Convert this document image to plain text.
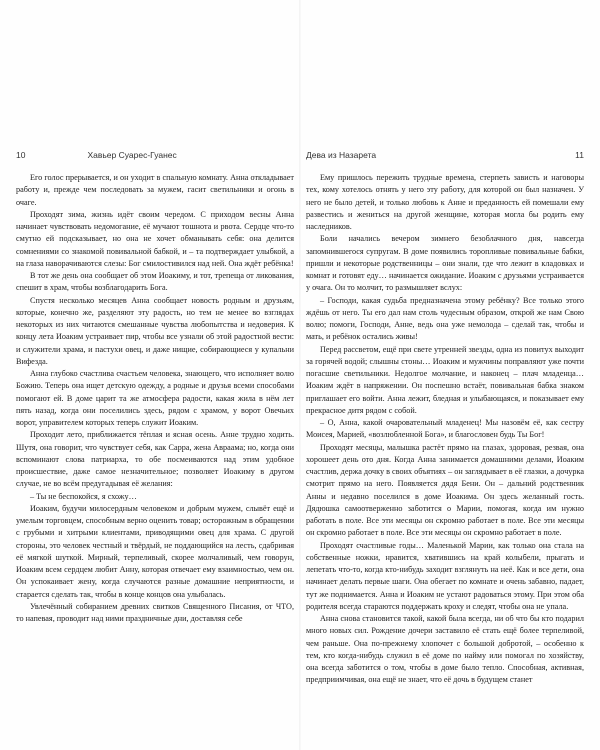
10	Хавьер Суарес-Гуанес

Его голос прерывается, и он уходит в спальную комнату. Анна откладывает работу и, прежде чем последовать за мужем, гасит светильники и огонь в очаге.

Проходят зима, жизнь идёт своим чередом. С приходом весны Анна начинает чувствовать недомогание, её мучают тошнота и рвота. Сердце что-то смутно ей подсказывает, но она не хочет обманывать себя: она делится сомнениями со знакомой повивальной бабкой, и – та подтверждает улыбкой, а на глаза наворачиваются слезы: Бог смилостивился над ней. Она ждёт ребёнка!

В тот же день она сообщает об этом Иоакиму, и тот, трепеща от ликования, спешит в храм, чтобы возблагодарить Бога.

Спустя несколько месяцев Анна сообщает новость родным и друзьям, которые, конечно же, разделяют эту радость, но тем не менее во взглядах некоторых из них читаются смешанные чувства любопытства и недоверия. К концу лета Иоаким устраивает пир, чтобы все узнали об этой радостной вести: и служители храма, и пастухи овец, и даже нищие, собирающиеся у купальни Вифезда.

Анна глубоко счастлива счастьем человека, знающего, что исполняет волю Божию. Теперь она ищет детскую одежду, а родные и друзья всеми способами помогают ей. В доме царит та же атмосфера радости, какая жила в нём лет пять назад, когда они поселились здесь, рядом с храмом, у ворот Овечьих ворот, управителем которых теперь служит Иоаким.

Проходит лето, приближается тёплая и ясная осень. Анне трудно ходить. Шутя, она говорит, что чувствует себя, как Сарра, жена Авраама; но, когда они вспоминают слова патриарха, то обе посмеиваются над этим удобное происшествие, даже самое незначительное; позволяет Иоакиму в другом случае, не во всём предугадывая её желания:

– Ты не беспокойся, я схожу…

Иоаким, будучи милосердным человеком и добрым мужем, слывёт ещё и умелым торговцем, способным верно оценить товар; осторожным в обращении с грубыми и хитрыми клиентами, приводящими овец для храма. С другой стороны, это человек честный и твёрдый, не поддающийся на лесть, сдабривая её мягкой шуткой. Мирный, терпеливый, скорее молчаливый, чем говорун, Иоаким всем сердцем любит Анну, которая отвечает ему взаимностью, чем он. Он успокаивает жену, когда случаются разные домашние неприятности, и старается сделать так, чтобы в конце концов она улыбалась.

Увлечённый собиранием древних свитков Священного Писания, от ЧТО, то напевая, проводит над ними праздничные дни, доставляя себе

Дева из Назарета	11

Ему пришлось пережить трудные времена, стерпеть зависть и наговоры тех, кому хотелось отнять у него эту работу, для которой он был назначен. У него не было детей, и только любовь к Анне и преданность ей помешали ему развестись и жениться на другой женщине, которая могла бы родить ему наследников.

Боли начались вечером зимнего безоблачного дня, навсегда запомнившегося супругам. В доме появились торопливые повивальные бабки, пришли и некоторые родственницы – они знали, где что лежит в кладовках и комнат и готовят еду… начинается ожидание. Иоаким с друзьями устраивается у очага. Он то молчит, то размышляет вслух:

– Господи, какая судьба предназначена этому ребёнку? Все только этого ждёшь от него. Ты его дал нам столь чудесным образом, открой же нам Свою волю; помоги, Господи, Анне, ведь она уже немолода – сделай так, чтобы и мать, и ребёнок остались живы!

Перед рассветом, ещё при свете утренней звезды, одна из повитух выходит за горячей водой; слышны стоны… Иоаким и мужчины поправляют уже почти погасшие светильники. Недолгое молчание, и наконец – плач младенца… Иоаким ждёт в напряжении. Он поспешно встаёт, повивальная бабка знаком приглашает его войти. Анна лежит, бледная и улыбающаяся, и показывает ему прекрасное дитя рядом с собой.

– О, Анна, какой очаровательный младенец! Мы назовём её, как сестру Моисея, Марией, «возлюбленной Бога», и благословен будь Ты Бог!

Проходят месяцы, малышка растёт прямо на глазах, здоровая, резвая, она хорошеет день ото дня. Когда Анна занимается домашними делами, Иоаким счастлив, держа дочку в своих объятиях – он заглядывает в её глазки, а дочурка смотрит прямо на него. Появляется дядя Бени. Он – дальний родственник Анны и недавно поселился в доме Иоакима. Он здесь желанный гость. Дядюшка самоотверженно заботится о Марии, помогая, когда им нужно работать в поле. Все эти месяцы он скромно работает в поле. Все эти месяцы он скромно работает в поле. Все эти месяцы он скромно работает в поле.

Проходят счастливые годы… Маленькой Марии, как только она стала на собственные ножки, нравится, хватившись на край колыбели, прыгать и лепетать что-то, когда кто-нибудь заходит взглянуть на неё. Как и все дети, она начинает делать первые шаги. Она обегает по комнате и очень забавно, падает, тут же поднимается. Анна и Иоаким не устают радоваться этому. При этом оба родителя всегда стараются поддержать кроху и следят, чтобы она не упала.

Анна снова становится такой, какой была всегда, ни об что бы кто подарил много новых сил. Рождение дочери заставило её стать ещё более терпеливой, чем раньше. Она по-прежнему хлопочет с большой добротой, – особенно к тем, кто когда-нибудь служил в её доме по найму или помогал по хозяйству, она всегда заботится о том, чтобы в доме было тепло. Способная, активная, предприимчивая, она ещё не знает, что её дочь в будущем станет
